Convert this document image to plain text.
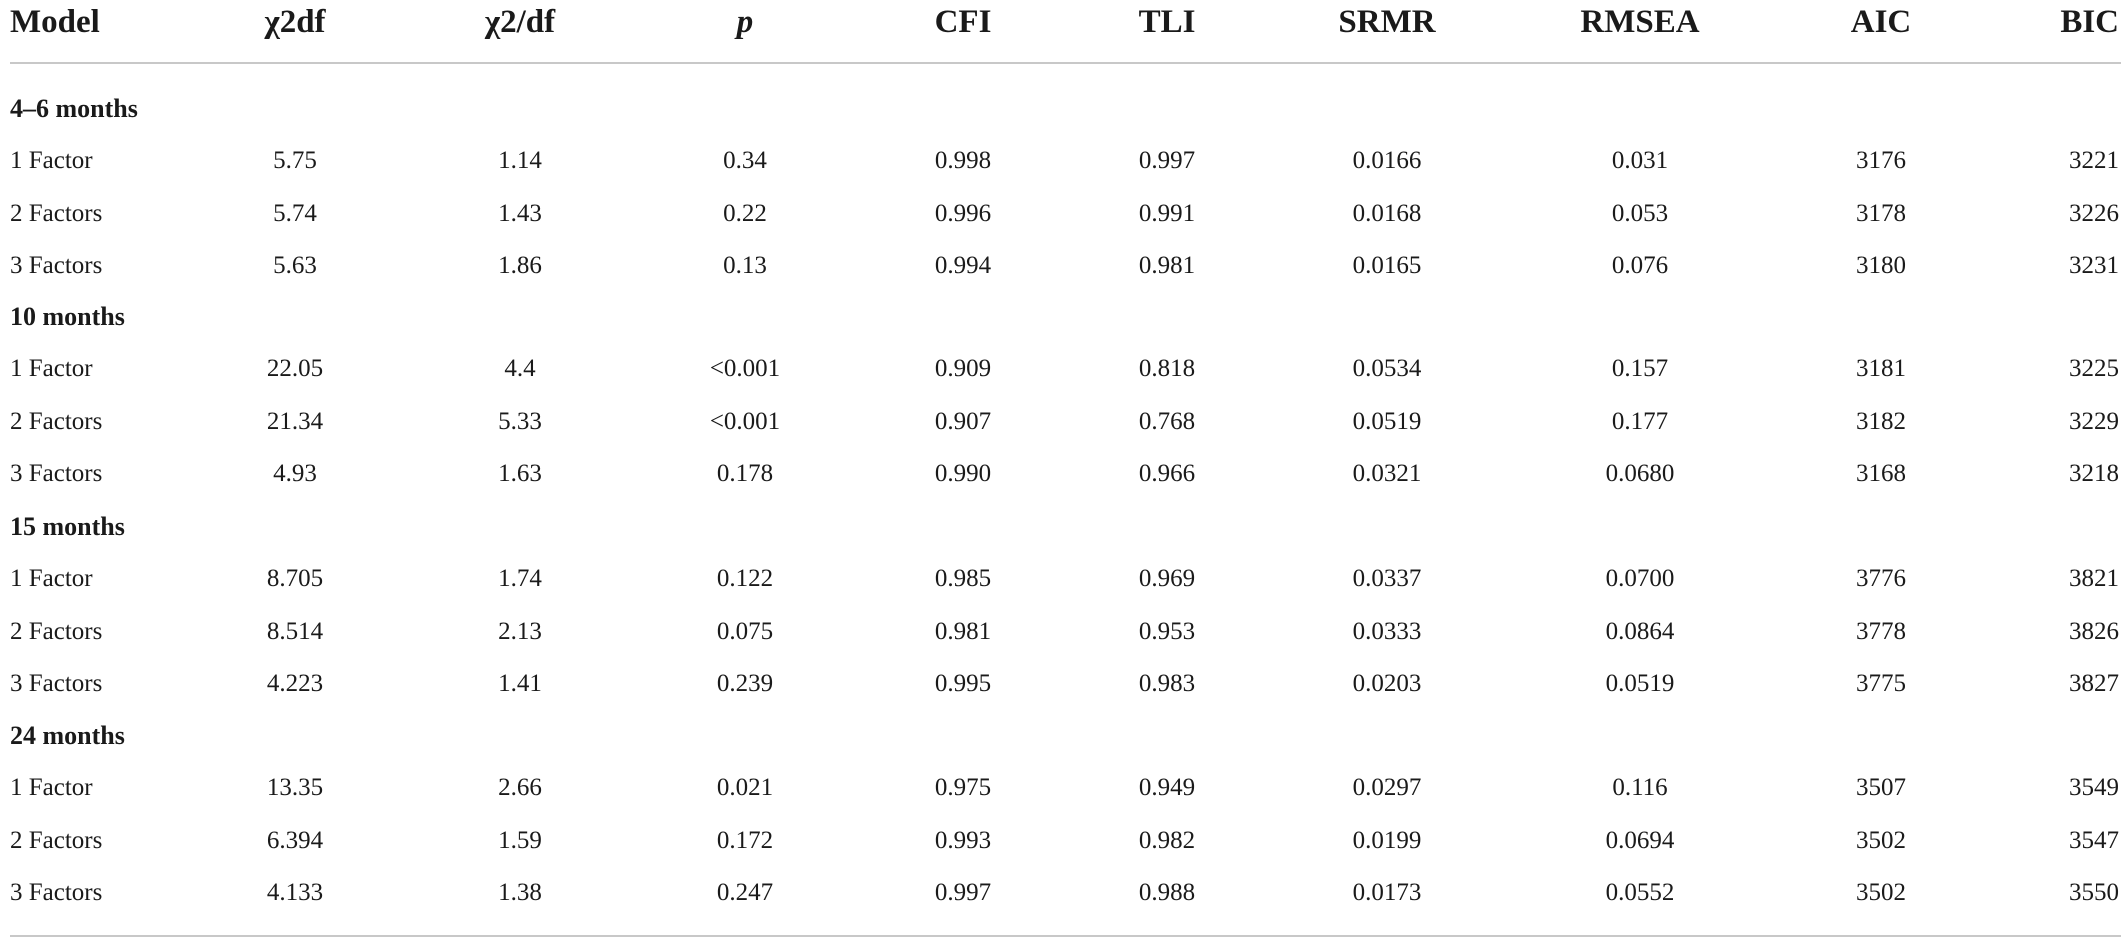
Model	χ2df	χ2/df	p	CFI	TLI	SRMR	RMSEA	AIC	BIC
4–6 months
1 Factor	5.75	1.14	0.34	0.998	0.997	0.0166	0.031	3176	3221
2 Factors	5.74	1.43	0.22	0.996	0.991	0.0168	0.053	3178	3226
3 Factors	5.63	1.86	0.13	0.994	0.981	0.0165	0.076	3180	3231
10 months
1 Factor	22.05	4.4	<0.001	0.909	0.818	0.0534	0.157	3181	3225
2 Factors	21.34	5.33	<0.001	0.907	0.768	0.0519	0.177	3182	3229
3 Factors	4.93	1.63	0.178	0.990	0.966	0.0321	0.0680	3168	3218
15 months
1 Factor	8.705	1.74	0.122	0.985	0.969	0.0337	0.0700	3776	3821
2 Factors	8.514	2.13	0.075	0.981	0.953	0.0333	0.0864	3778	3826
3 Factors	4.223	1.41	0.239	0.995	0.983	0.0203	0.0519	3775	3827
24 months
1 Factor	13.35	2.66	0.021	0.975	0.949	0.0297	0.116	3507	3549
2 Factors	6.394	1.59	0.172	0.993	0.982	0.0199	0.0694	3502	3547
3 Factors	4.133	1.38	0.247	0.997	0.988	0.0173	0.0552	3502	3550
